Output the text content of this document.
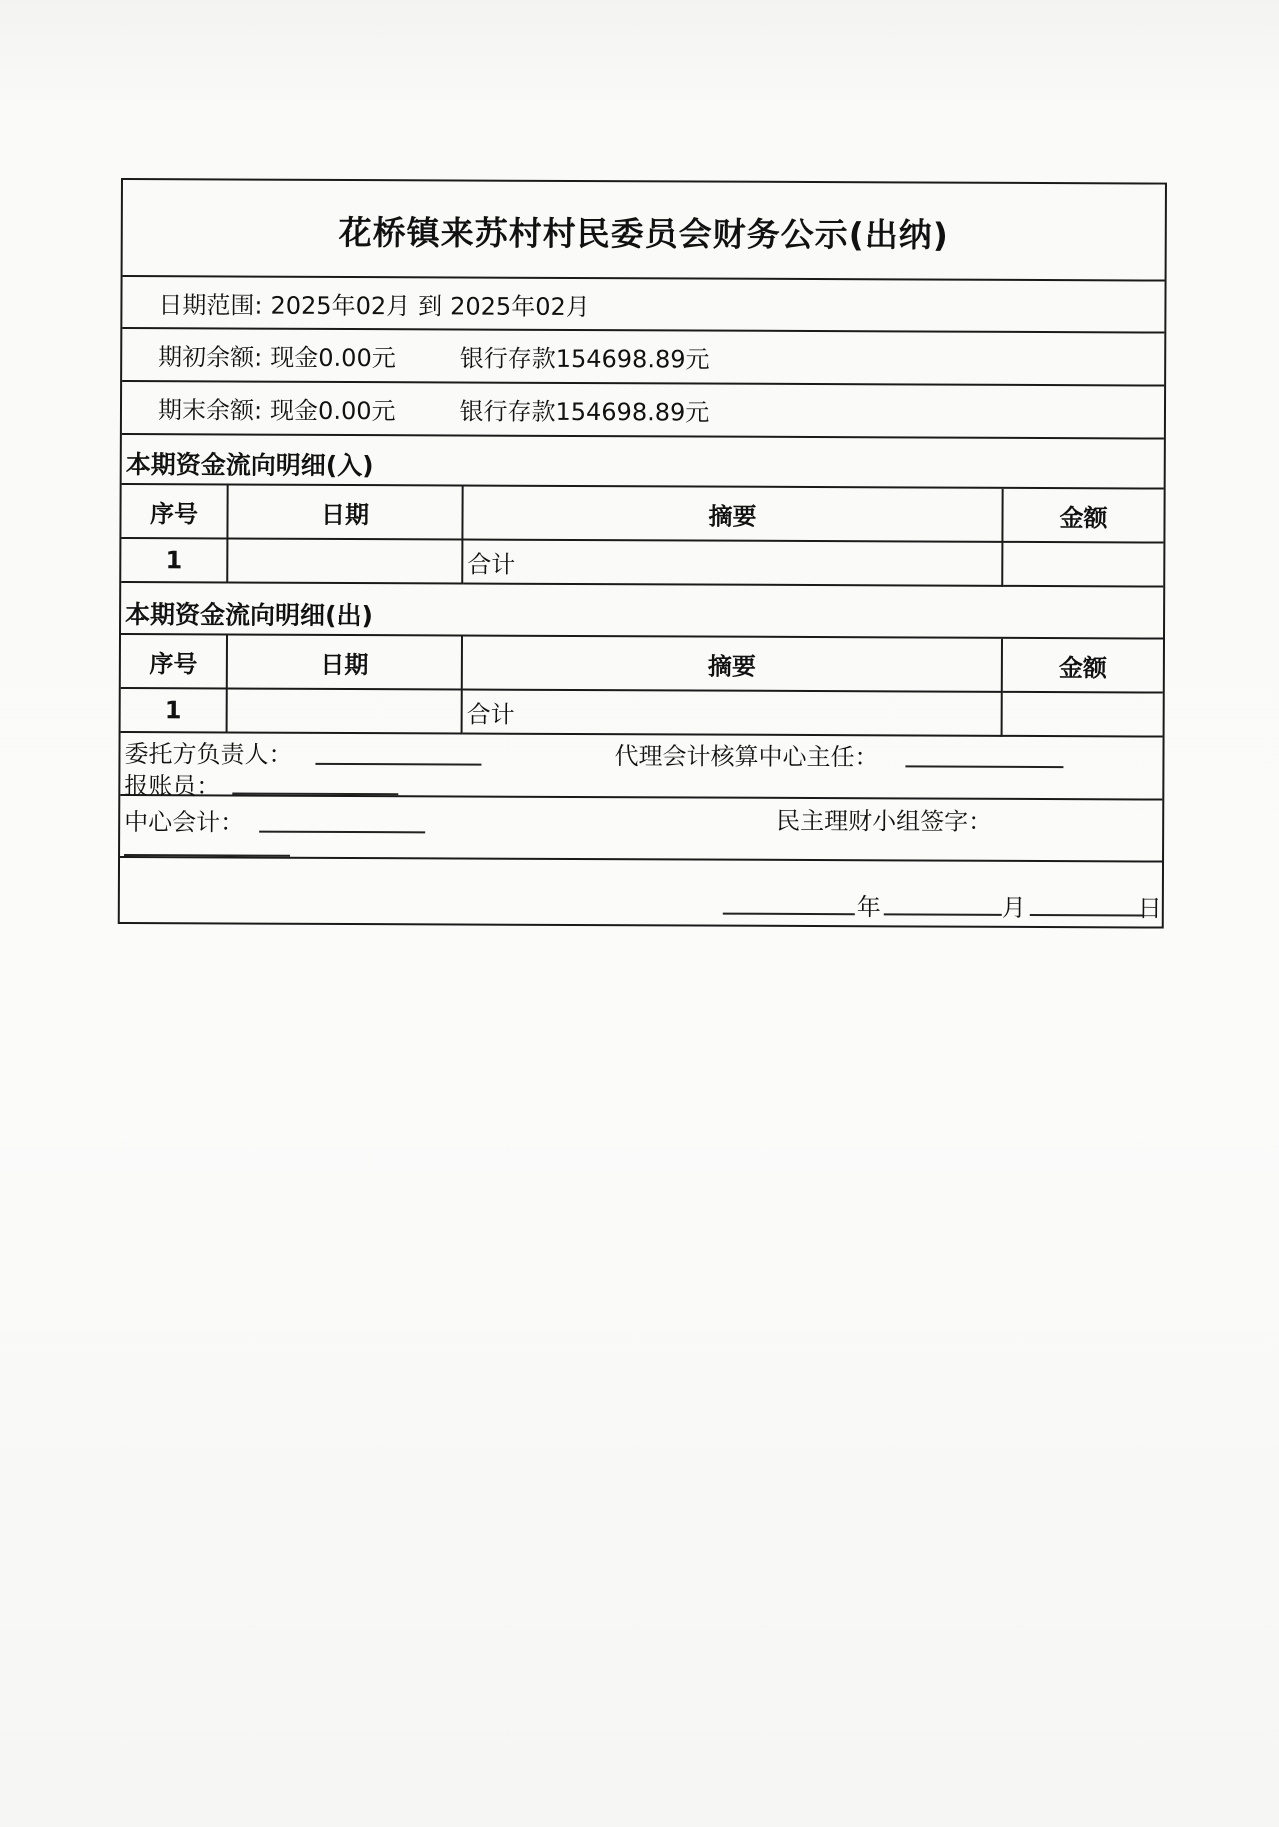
花桥镇来苏村村民委员会财务公示(出纳)
日期范围: 2025年02月 到 2025年02月
期初余额: 现金0.00元	银行存款154698.89元
期末余额: 现金0.00元	银行存款154698.89元
本期资金流向明细(入)
序号	日期	摘要	金额
1		合计	
本期资金流向明细(出)
序号	日期	摘要	金额
1		合计	
委托方负责人：	代理会计核算中心主任：
报账员：
中心会计：	民主理财小组签字：
年	月	日
